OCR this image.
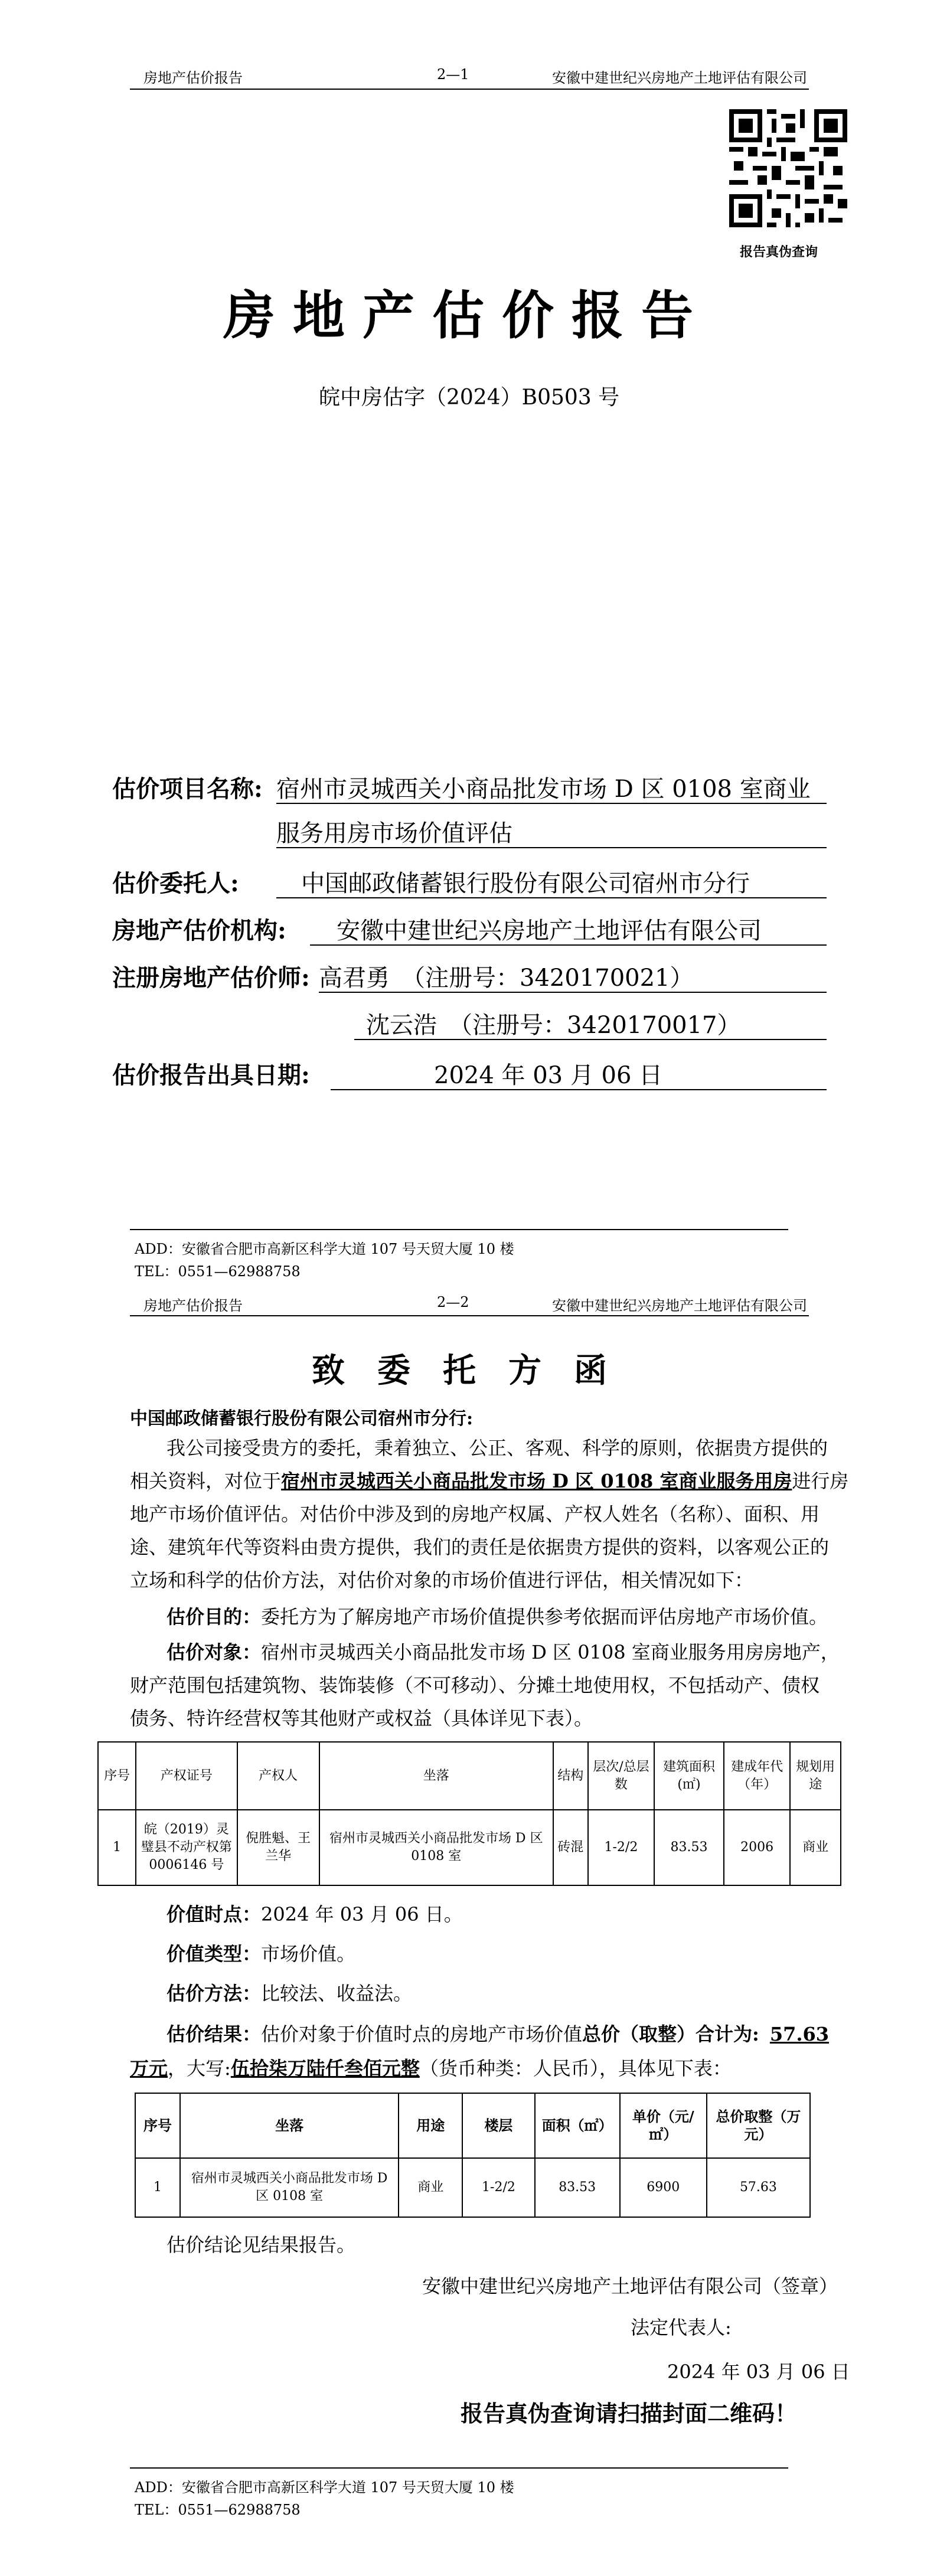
房地产估价报告	2—1	安徽中建世纪兴房地产土地评估有限公司
报告真伪查询
房地产估价报告
皖中房估字（2024）B0503 号
估价项目名称: 宿州市灵城西关小商品批发市场 D 区 0108 室商业
服务用房市场价值评估
估价委托人:	中国邮政储蓄银行股份有限公司宿州市分行
房地产估价机构: 安徽中建世纪兴房地产土地评估有限公司
注册房地产估价师: 高君勇　（注册号：3420170021）
沈云浩　（注册号：3420170017）
估价报告出具日期:	2024 年 03 月 06 日
ADD：安徽省合肥市高新区科学大道 107 号天贸大厦 10 楼
TEL：0551—62988758
房地产估价报告	2—2	安徽中建世纪兴房地产土地评估有限公司
致委托方函
中国邮政储蓄银行股份有限公司宿州市分行:
我公司接受贵方的委托，秉着独立、公正、客观、科学的原则，依据贵方提供的
相关资料，对位于宿州市灵城西关小商品批发市场 D 区 0108 室商业服务用房进行房
地产市场价值评估。对估价中涉及到的房地产权属、产权人姓名（名称）、面积、用
途、建筑年代等资料由贵方提供，我们的责任是依据贵方提供的资料，以客观公正的
立场和科学的估价方法，对估价对象的市场价值进行评估，相关情况如下：
估价目的：委托方为了解房地产市场价值提供参考依据而评估房地产市场价值。
估价对象：宿州市灵城西关小商品批发市场 D 区 0108 室商业服务用房房地产，
财产范围包括建筑物、装饰装修（不可移动）、分摊土地使用权，不包括动产、债权
债务、特许经营权等其他财产或权益（具体详见下表）。
序号	产权证号	产权人	坐落	结构	层次/总层数	建筑面积(㎡)	建成年代（年）	规划用途
1	皖（2019）灵璧县不动产权第 0006146 号	倪胜魁、王兰华	宿州市灵城西关小商品批发市场 D 区 0108 室	砖混	1-2/2	83.53	2006	商业
价值时点：2024 年 03 月 06 日。
价值类型：市场价值。
估价方法：比较法、收益法。
估价结果：估价对象于价值时点的房地产市场价值总价（取整）合计为: 57.63
万元，大写:伍拾柒万陆仟叁佰元整（货币种类：人民币），具体见下表：
序号	坐落	用途	楼层	面积（㎡）	单价（元/㎡）	总价取整（万元）
1	宿州市灵城西关小商品批发市场 D 区 0108 室	商业	1-2/2	83.53	6900	57.63
估价结论见结果报告。
安徽中建世纪兴房地产土地评估有限公司（签章）
法定代表人:
2024 年 03 月 06 日
报告真伪查询请扫描封面二维码！
ADD：安徽省合肥市高新区科学大道 107 号天贸大厦 10 楼
TEL：0551—62988758
